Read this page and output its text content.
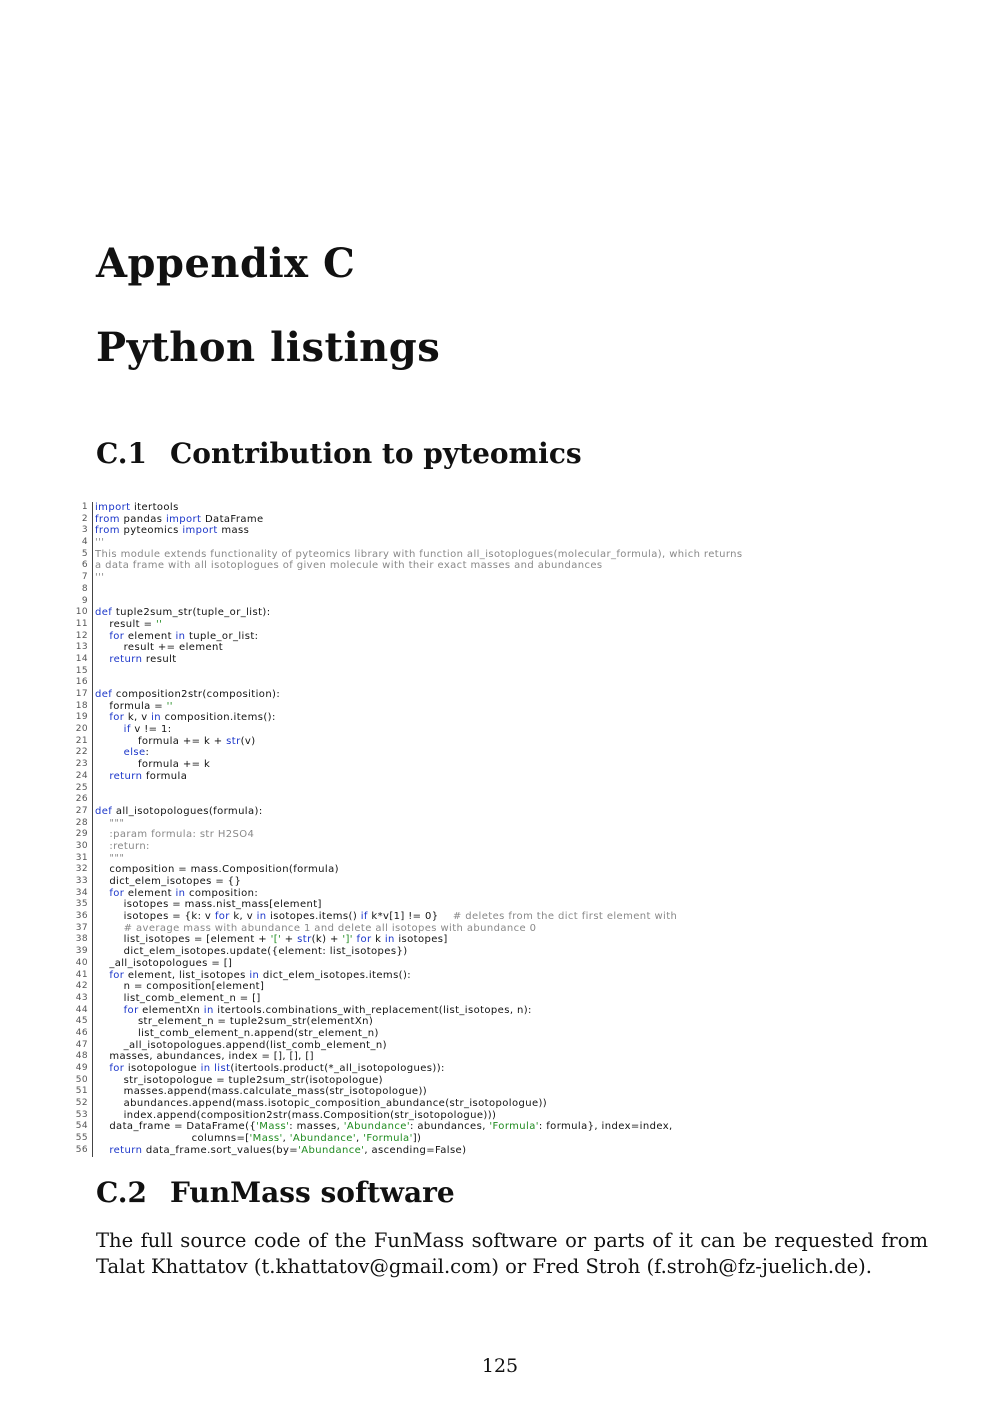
Appendix C
Python listings
C.1 Contribution to pyteomics
1 import itertools
2 from pandas import DataFrame
3 from pyteomics import mass
4 '''
5 This module extends functionality of pyteomics library with function all_isotoplogues(molecular_formula), which returns
6 a data frame with all isotoplogues of given molecule with their exact masses and abundances
7 '''
8
9
10 def tuple2sum_str(tuple_or_list):
11 result = ''
12	for element in tuple_or_list:
13 result += element
14	return result
15
16
17 def composition2str(composition):
18 formula = ''
19	for k, v in composition.items():
20	if v != 1:
21 formula += k + str(v)
22	else:
23 formula += k
24	return formula
25
26
27 def all_isotopologues(formula):
28 """
29 :param formula: str H2SO4
30 :return:
31 """
32 composition = mass.Composition(formula)
33 dict_elem_isotopes = {}
34	for element in composition:
35 isotopes = mass.nist_mass[element]
36 isotopes = {k: v for k, v in isotopes.items() if k*v[1] != 0}    # deletes from the dict first element with
37 # average mass with abundance 1 and delete all isotopes with abundance 0
38 list_isotopes = [element + '[' + str(k) + ']' for k in isotopes]
39 dict_elem_isotopes.update({element: list_isotopes})
40 _all_isotopologues = []
41	for element, list_isotopes in dict_elem_isotopes.items():
42 n = composition[element]
43 list_comb_element_n = []
44	for elementXn in itertools.combinations_with_replacement(list_isotopes, n):
45 str_element_n = tuple2sum_str(elementXn)
46 list_comb_element_n.append(str_element_n)
47 _all_isotopologues.append(list_comb_element_n)
48 masses, abundances, index = [], [], []
49	for isotopologue in list(itertools.product(*_all_isotopologues)):
50 str_isotopologue = tuple2sum_str(isotopologue)
51 masses.append(mass.calculate_mass(str_isotopologue))
52 abundances.append(mass.isotopic_composition_abundance(str_isotopologue))
53 index.append(composition2str(mass.Composition(str_isotopologue)))
54 data_frame = DataFrame({'Mass': masses, 'Abundance': abundances, 'Formula': formula}, index=index,
55 columns=['Mass', 'Abundance', 'Formula'])
56	return data_frame.sort_values(by='Abundance', ascending=False)
C.2 FunMass software

The full source code of the FunMass software or parts of it can be requested from Talat Khattatov (t.khattatov@gmail.com) or Fred Stroh (f.stroh@fz-juelich.de).

125
